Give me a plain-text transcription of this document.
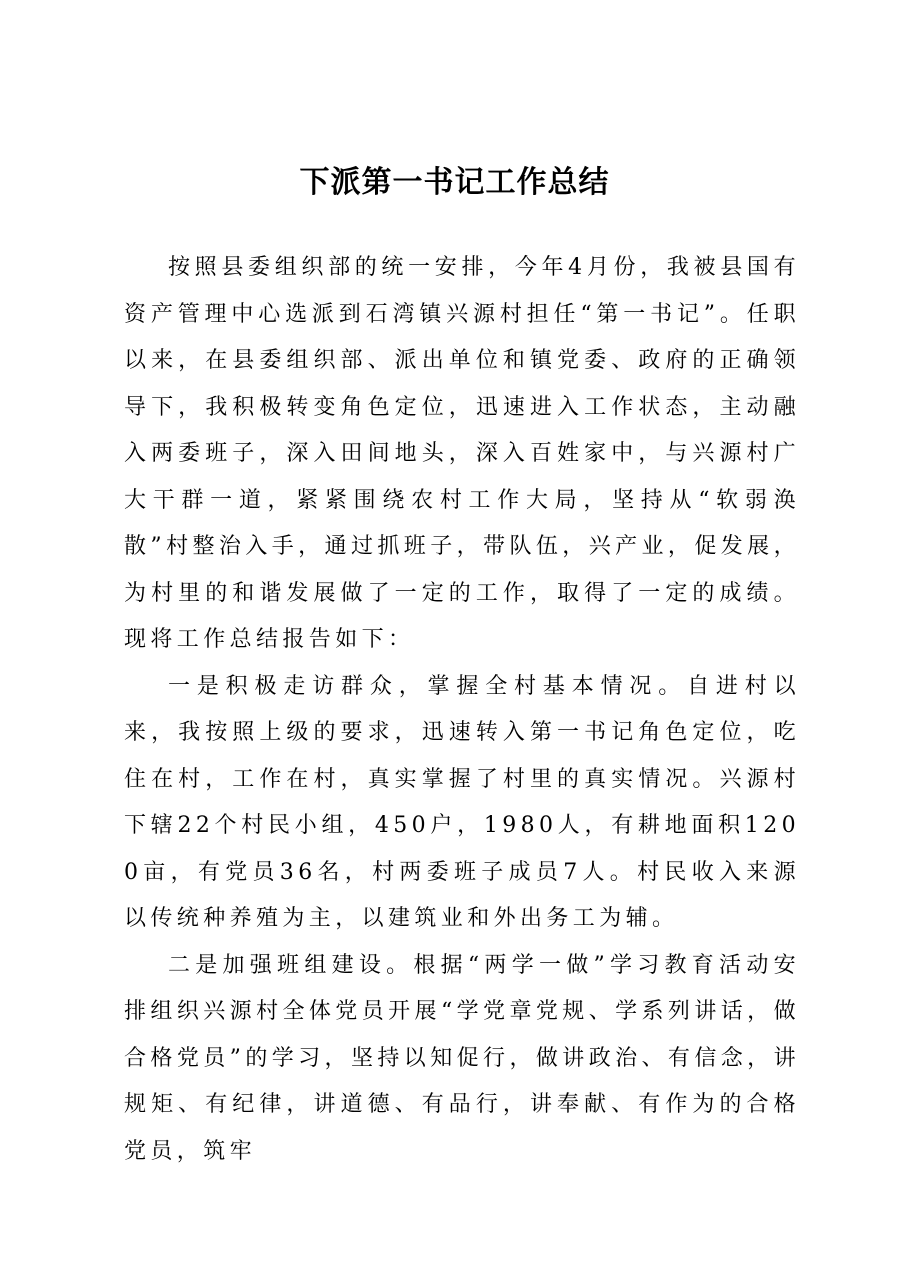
下派第一书记工作总结

按照县委组织部的统一安排，今年4月份，我被县国有资产管理中心选派到石湾镇兴源村担任“第一书记”。任职以来，在县委组织部、派出单位和镇党委、政府的正确领导下，我积极转变角色定位，迅速进入工作状态，主动融入两委班子，深入田间地头，深入百姓家中，与兴源村广大干群一道，紧紧围绕农村工作大局，坚持从“软弱涣散”村整治入手，通过抓班子，带队伍，兴产业，促发展，为村里的和谐发展做了一定的工作，取得了一定的成绩。现将工作总结报告如下：

一是积极走访群众，掌握全村基本情况。自进村以来，我按照上级的要求，迅速转入第一书记角色定位，吃住在村，工作在村，真实掌握了村里的真实情况。兴源村下辖22个村民小组，450户，1980人，有耕地面积1200亩，有党员36名，村两委班子成员7人。村民收入来源以传统种养殖为主，以建筑业和外出务工为辅。

二是加强班组建设。根据“两学一做”学习教育活动安排组织兴源村全体党员开展“学党章党规、学系列讲话，做合格党员”的学习，坚持以知促行，做讲政治、有信念，讲规矩、有纪律，讲道德、有品行，讲奉献、有作为的合格党员，筑牢
